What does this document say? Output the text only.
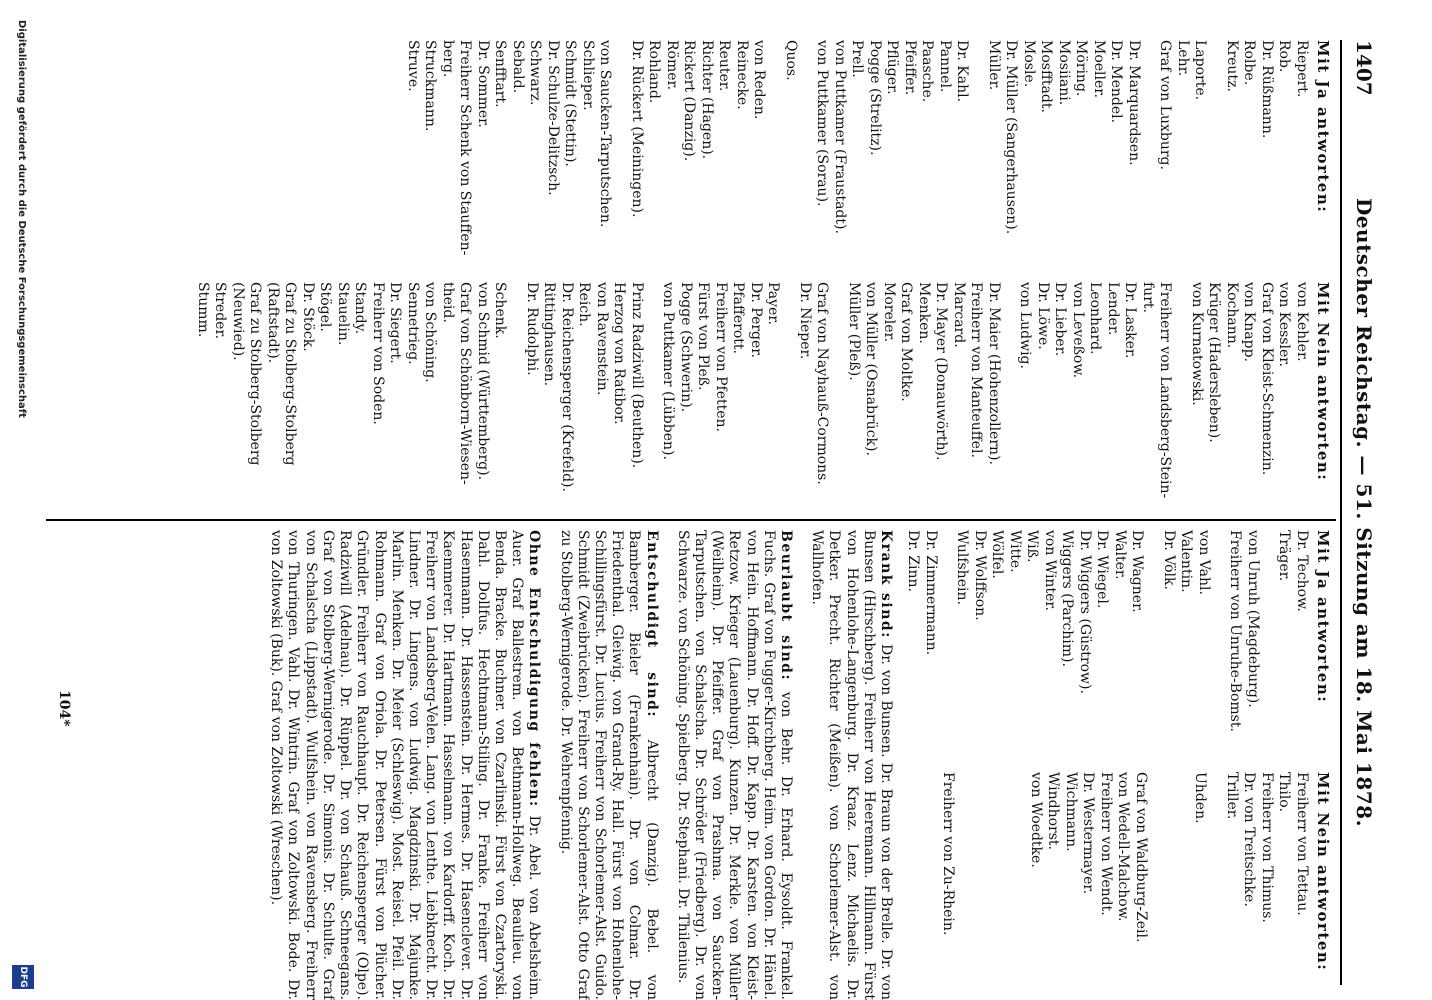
1407
Deutscher Reichstag. — 51. Sitzung am 18. Mai 1878.
Mit Ja antworten:
Riepert.
Rob.
Dr. Rüßmann.
Rolbe.
Kreutz.
Laporte.
Lehr.
Graf von Luxburg.
Dr. Marquardsen.
Dr. Mendel.
Moeller.
Möring.
Mosiiani.
Mosfftadt.
Mosle.
Dr. Müller (Sangerhausen).
Müller.
Dr. Kahl.
Pannel.
Paasche.
Pfeiffer.
Pflüger.
Pogge (Strelitz).
Prell.
von Puttkamer (Fraustadt).
von Puttkamer (Sorau).
Quos.
von Reden.
Reinecke.
Reuter.
Richter (Hagen).
Rickert (Danzig).
Römer.
Rohland.
Dr. Rückert (Meiningen).
von Saucken-Tarputschen.
Schlieper.
Schmidt (Stettin).
Dr. Schulze-Delitzsch.
Schwarz.
Sebald.
Senfftart.
Dr. Sommer.
Freiherr Schenk von Stauffen-
berg.
Struckmann.
Struve.
Mit Nein antworten:
von Kehler.
von Kessler.
Graf von Kleist-Schmenzin.
von Knapp.
Kochann.
Krüger (Hadersleben).
von Kurnatowski.
Freiherr von Landsberg-Stein-
furt.
Dr. Lasker.
Lender.
Leonhard.
von Leveßow.
Dr. Lieber.
Dr. Löwe.
von Ludwig.
Dr. Maier (Hohenzollern).
Freiherr von Manteuffel.
Marcard.
Dr. Mayer (Donauwörth).
Menken.
Graf von Moltke.
Moreler.
von Müller (Osnabrück).
Müller (Pleß).
Graf von Nayhauß-Cormons.
Dr. Nieper.
Payer.
Dr. Perger.
Pfafferott.
Freiherr von Pfetten.
Fürst von Pleß.
Pogge (Schwerin).
von Puttkamer (Lübben).
Prinz Radziwill (Beuthen).
Herzog von Ratibor.
von Ravenstein.
Reich.
Dr. Reichensperger (Krefeld).
Rittinghausen.
Dr. Rudolphi.
Schenk.
von Schmid (Württemberg).
Graf von Schönborn-Wiesen-
theid.
von Schöning.
Sennetrieg.
Dr. Siegert.
Freiherr von Soden.
Standy.
Stauelin.
Stögel.
Dr. Stöck.
Graf zu Stolberg-Stolberg
(Raftstadt).
Graf zu Stolberg-Stolberg
(Neuwied).
Streder.
Stumm.
Mit Ja antworten:
Dr. Techow.
Träger.
von Unruh (Magdeburg).
Freiherr von Unruhe-Bomst.
von Vahl.
Valentin.
Dr. Völk.
Dr. Wagner.
Walter.
Dr. Wiegel.
Dr. Wiggers (Güstrow).
Wiggers (Parchim).
von Winter.
Wiß.
Witte.
Wölfel.
Dr. Wolffson.
Wulfshein.
Dr. Zimmermann.
Dr. Zinn.
Mit Nein antworten:
Freiherr von Tettau.
Thilo.
Freiherr von Thimus.
Dr. von Treitschke.
Triller.
Uhden.
Graf von Waldburg-Zeil.
von Wedell-Malchow.
Freiherr von Wendt.
Dr. Westermayer.
Wichmann.
Windhorst.
von Woedtke.
Freiherr von Zu-Rhein.
Krank sind: Dr. von Bunsen. Dr. Braun von der Brelle. Dr. von Bunsen (Hirschberg). Freiherr von Heeremann. Hillmann. Fürst von Hohenlohe-Langenburg. Dr. Kraaz. Lenz. Michaelis. Dr. Detker. Precht. Richter (Meißen). von Schorlemer-Alst. von Wallhofen.
Beurlaubt sind: von Behr. Dr. Erhard. Eysoldt. Frankel. Fuchs. Graf von Fugger-Kirchberg. Heim. von Gordon. Dr. Hänel. von Hein. Hoffmann. Dr. Hoff. Dr. Kapp. Dr. Karsten. von Kleist-Retzow. Krieger (Lauenburg). Kunzen. Dr. Merkle. von Müller (Weilheim). Dr. Pfeiffer. Graf von Prashma. von Saucken-Tarputschen. von Schalscha. Dr. Schröder (Friedberg). Dr. von Schwarze. von Schöning. Spielberg. Dr. Stephani. Dr. Thilenius.
Entschuldigt sind: Albrecht (Danzig). Bebel. von Bamberger. Bieler (Frankenhain). Dr. von Colmar. Dr. Friedenthal. Gleiwig. von Grand-Ry. Hall. Fürst von Hohenlohe-Schillingsfürst. Dr. Lucius. Freiherr von Schorlemer-Alst. Guido. Schmidt (Zweibrücken). Freiherr von Schorlemer-Alst. Otto Graf zu Stolberg-Wernigerode. Dr. Wehrenpfennig.
Ohne Entschuldigung fehlen: Dr. Abel. von Abelsheim. Auer. Graf Ballestrem. von Bethmann-Hollweg. Beaulieu. von Benda. Bracke. Buchner. von Czarlinski. Fürst von Czartoryski. Dahl. Dollfus. Hechtmann-Stiling. Dr. Franke. Freiherr von Hasenmann. Dr. Hassenstein. Dr. Hermes. Dr. Hasenclever. Dr. Kaemmerer. Dr. Hartmann. Hasselmann. von Kardorff. Koch. Dr. Freiherr von Landsberg-Velen. Lang. von Lenthe. Liebknecht. Dr. Lindner. Dr. Lingens. von Ludwig. Magdzinski. Dr. Majunke. Marlin. Menken. Dr. Meier (Schleswig). Most. Reisel. Pfeil. Dr. Rohmann. Graf von Oriola. Dr. Petersen. Fürst von Plücher. Gründler. Freiherr von Rauchhaupt. Dr. Reichensperger (Olpe). Radziwill (Adelnau). Dr. Rüppel. Dr. von Schauß. Schneegans. Graf von Stolberg-Wernigerode. Dr. Simonis. Dr. Schulte. Graf von Schalscha (Lippstadt). Wulfshein. von Ravensberg. Freiherr von Thuringen. Vahl. Dr. Wintrin. Graf von Zoltowski. Bode. Dr. von Zoltowski (Buk). Graf von Zoltowski (Wreschen).
104*
Digitalisierung gefördert durch die Deutsche Forschungsgemeinschaft
DFG
